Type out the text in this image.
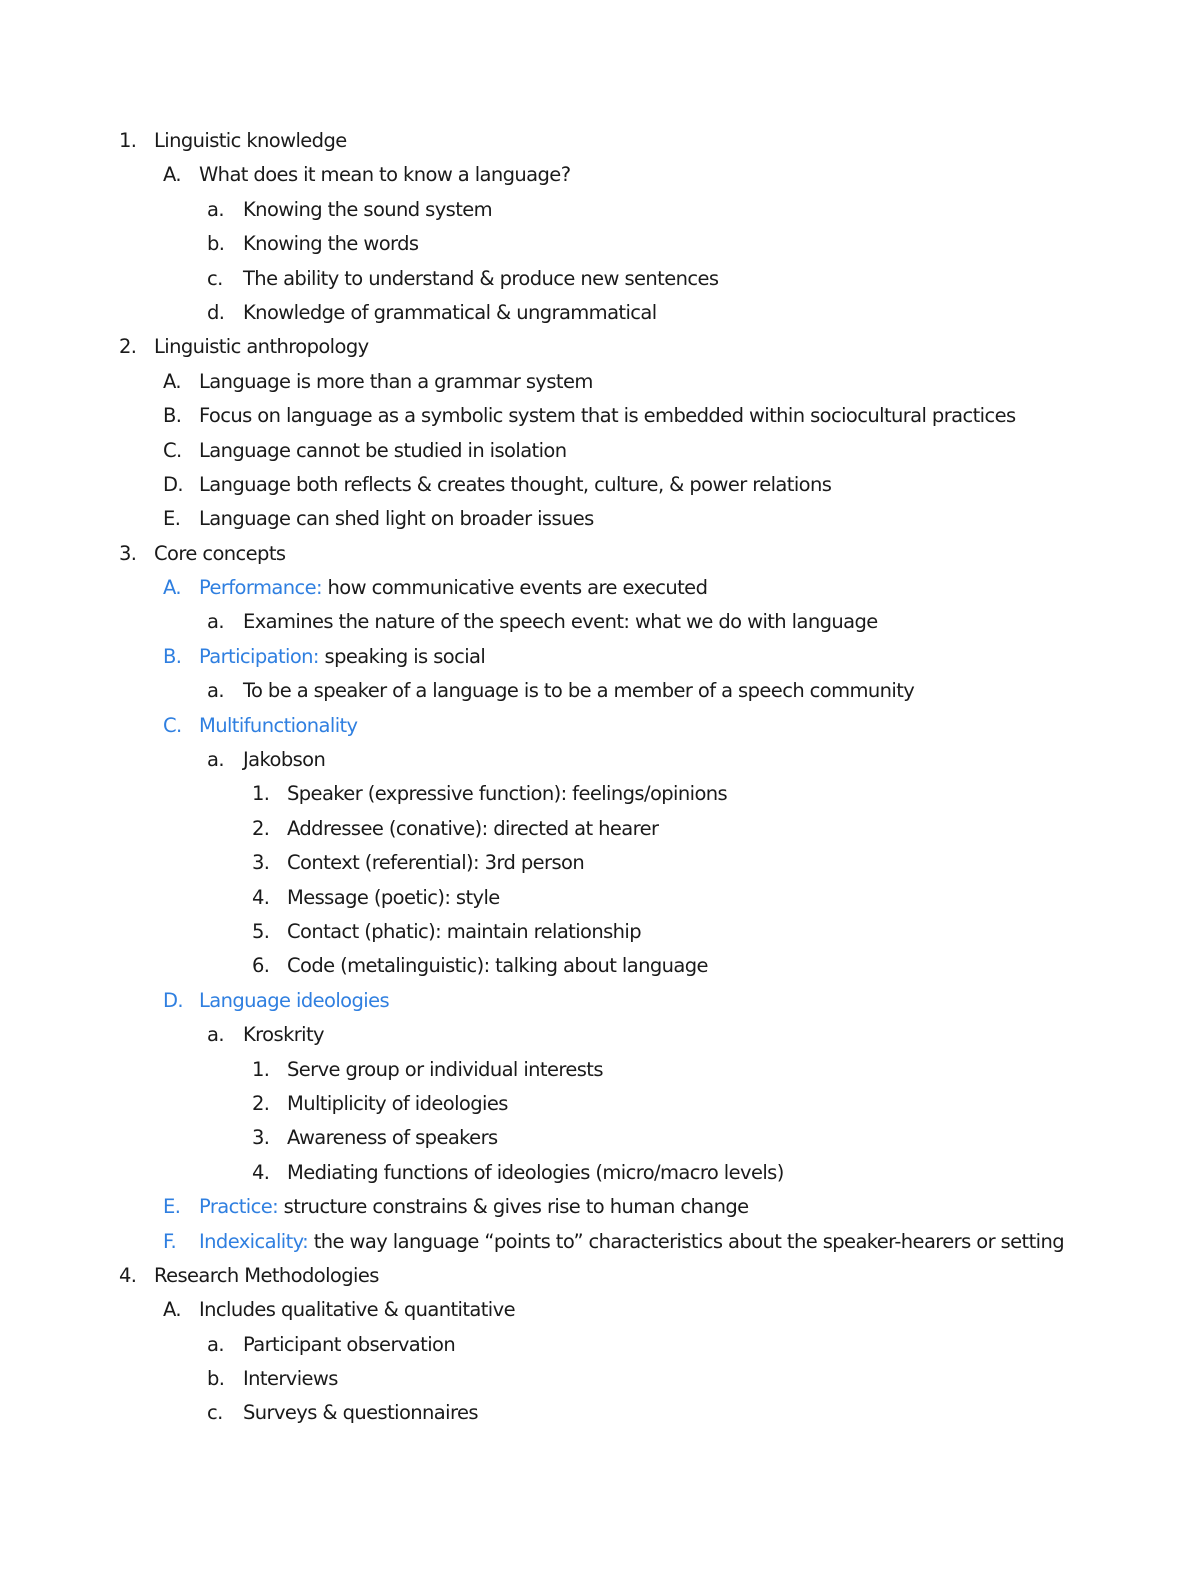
1. Linguistic knowledge
A. What does it mean to know a language?
a. Knowing the sound system
b. Knowing the words
c. The ability to understand & produce new sentences
d. Knowledge of grammatical & ungrammatical
2. Linguistic anthropology
A. Language is more than a grammar system
B. Focus on language as a symbolic system that is embedded within sociocultural practices
C. Language cannot be studied in isolation
D. Language both reflects & creates thought, culture, & power relations
E. Language can shed light on broader issues
3. Core concepts
A. Performance: how communicative events are executed
a. Examines the nature of the speech event: what we do with language
B. Participation: speaking is social
a. To be a speaker of a language is to be a member of a speech community
C. Multifunctionality
a. Jakobson
1. Speaker (expressive function): feelings/opinions
2. Addressee (conative): directed at hearer
3. Context (referential): 3rd person
4. Message (poetic): style
5. Contact (phatic): maintain relationship
6. Code (metalinguistic): talking about language
D. Language ideologies
a. Kroskrity
1. Serve group or individual interests
2. Multiplicity of ideologies
3. Awareness of speakers
4. Mediating functions of ideologies (micro/macro levels)
E. Practice: structure constrains & gives rise to human change
F. Indexicality: the way language “points to” characteristics about the speaker-hearers or setting
4. Research Methodologies
A. Includes qualitative & quantitative
a. Participant observation
b. Interviews
c. Surveys & questionnaires
